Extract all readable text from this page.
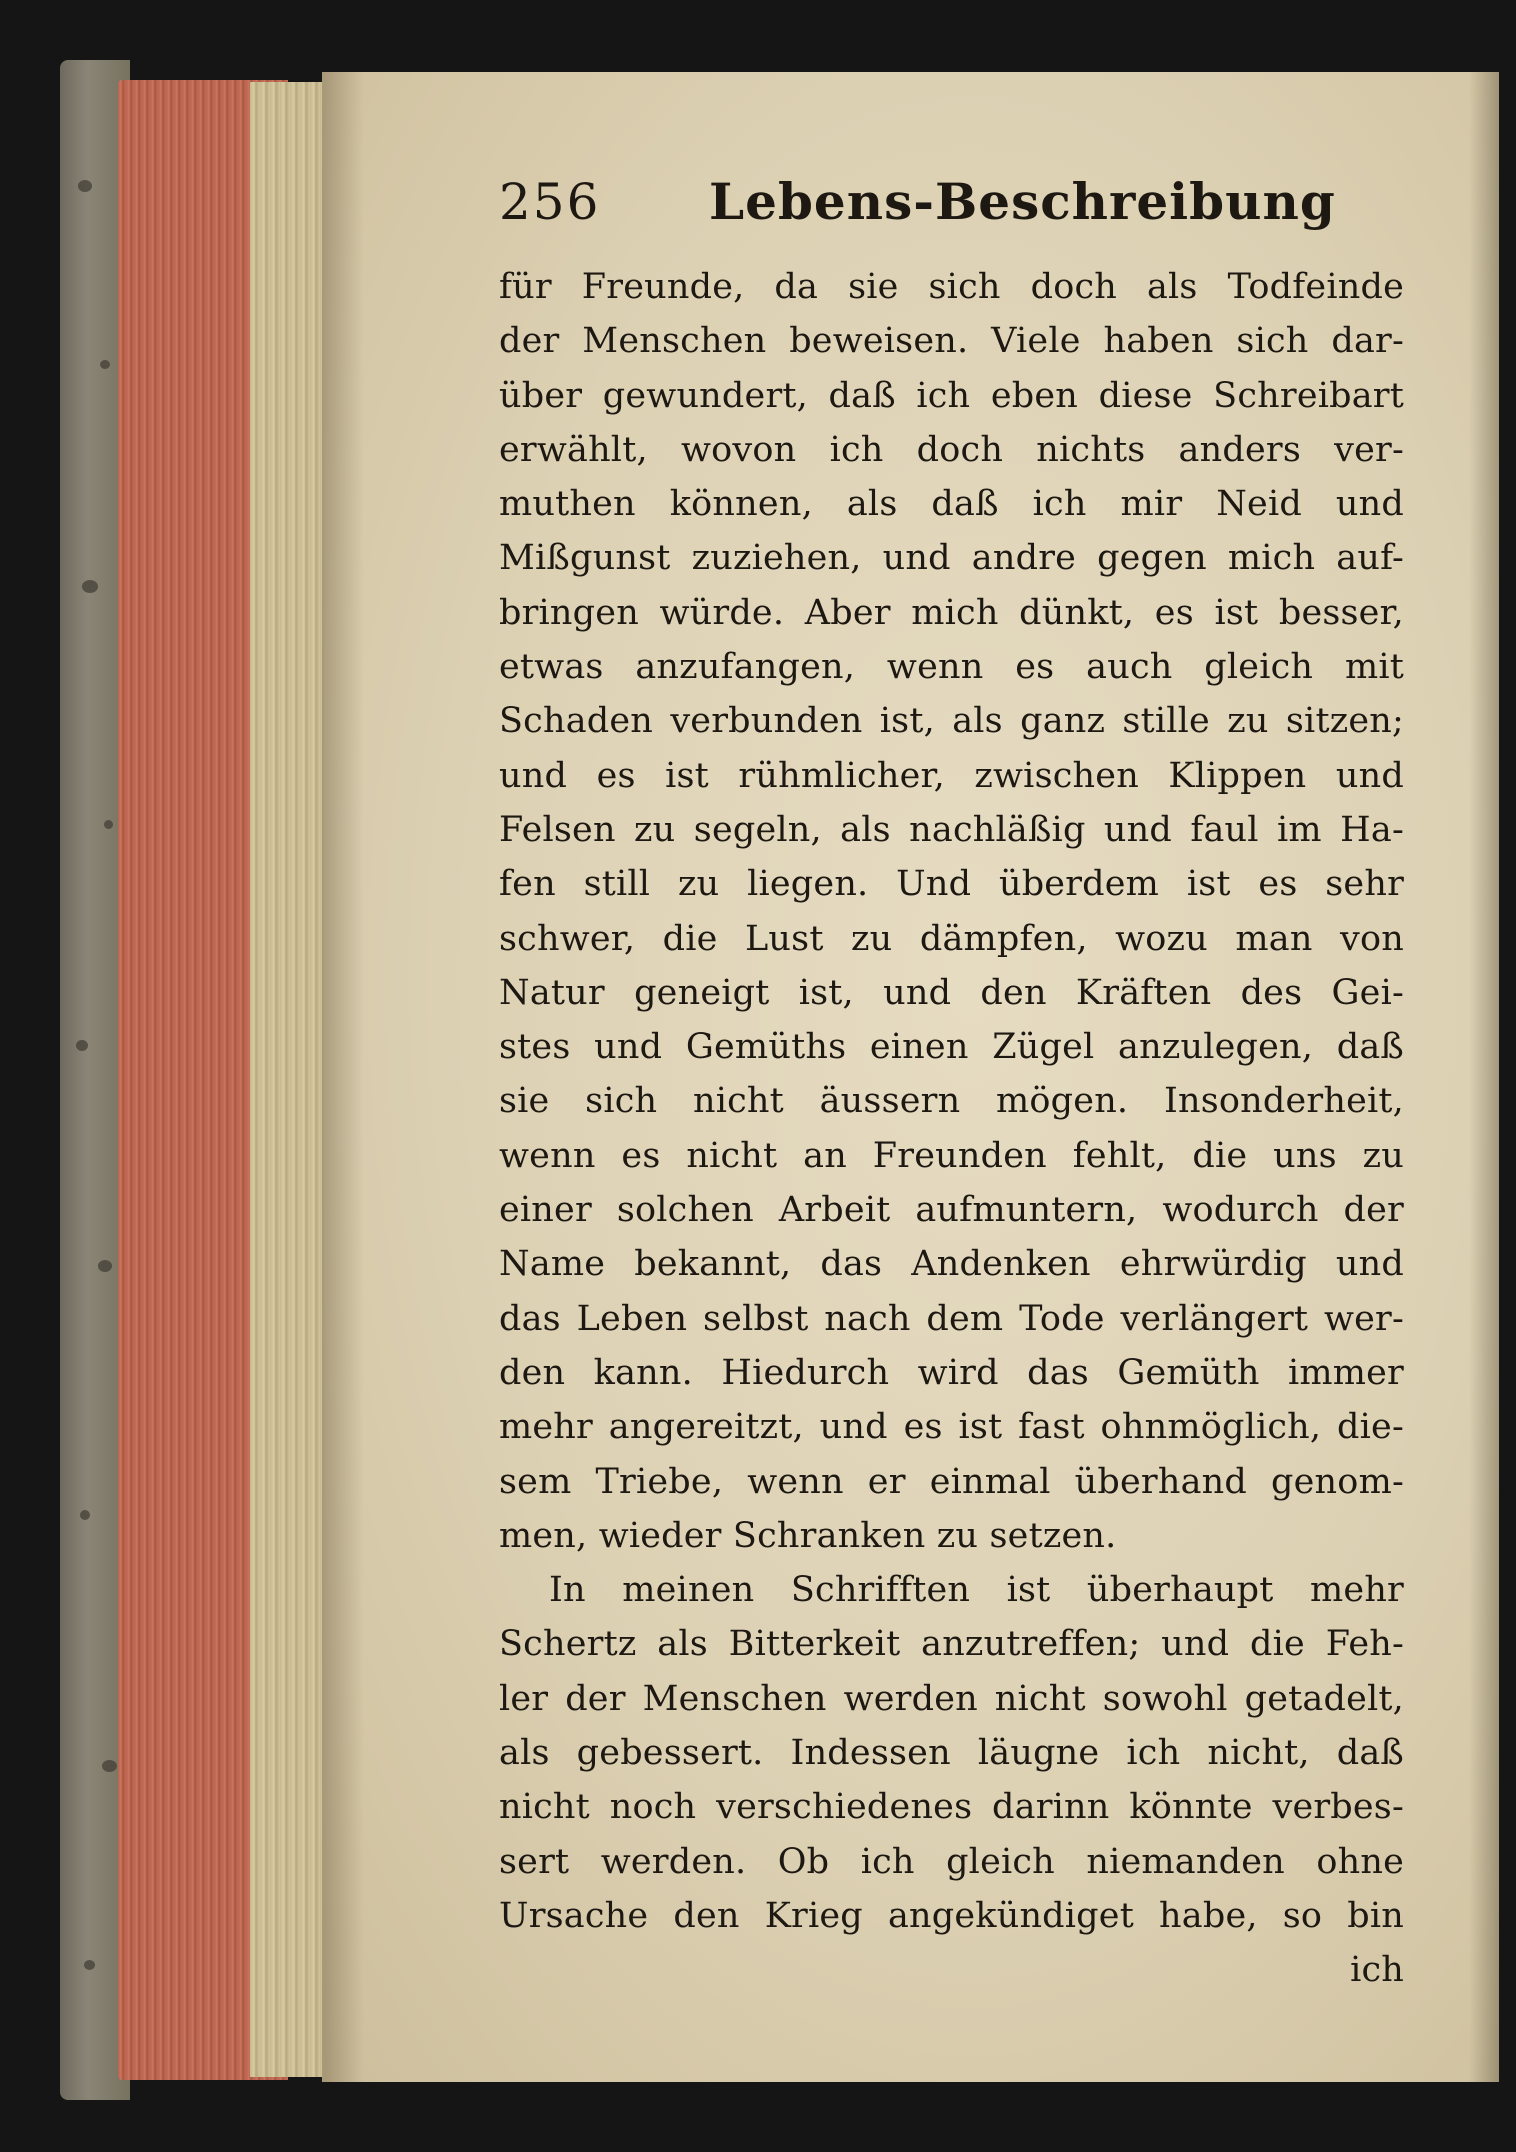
256	Lebens-Beschreibung
für Freunde, da sie sich doch als Todfeinde
der Menschen beweisen. Viele haben sich dar-
über gewundert, daß ich eben diese Schreibart
erwählt, wovon ich doch nichts anders ver-
muthen können, als daß ich mir Neid und
Mißgunst zuziehen, und andre gegen mich auf-
bringen würde. Aber mich dünkt, es ist besser,
etwas anzufangen, wenn es auch gleich mit
Schaden verbunden ist, als ganz stille zu sitzen;
und es ist rühmlicher, zwischen Klippen und
Felsen zu segeln, als nachläßig und faul im Ha-
fen still zu liegen. Und überdem ist es sehr
schwer, die Lust zu dämpfen, wozu man von
Natur geneigt ist, und den Kräften des Gei-
stes und Gemüths einen Zügel anzulegen, daß
sie sich nicht äussern mögen. Insonderheit,
wenn es nicht an Freunden fehlt, die uns zu
einer solchen Arbeit aufmuntern, wodurch der
Name bekannt, das Andenken ehrwürdig und
das Leben selbst nach dem Tode verlängert wer-
den kann. Hiedurch wird das Gemüth immer
mehr angereitzt, und es ist fast ohnmöglich, die-
sem Triebe, wenn er einmal überhand genom-
men, wieder Schranken zu setzen.
In meinen Schrifften ist überhaupt mehr
Schertz als Bitterkeit anzutreffen; und die Feh-
ler der Menschen werden nicht sowohl getadelt,
als gebessert. Indessen läugne ich nicht, daß
nicht noch verschiedenes darinn könnte verbes-
sert werden. Ob ich gleich niemanden ohne
Ursache den Krieg angekündiget habe, so bin
ich
